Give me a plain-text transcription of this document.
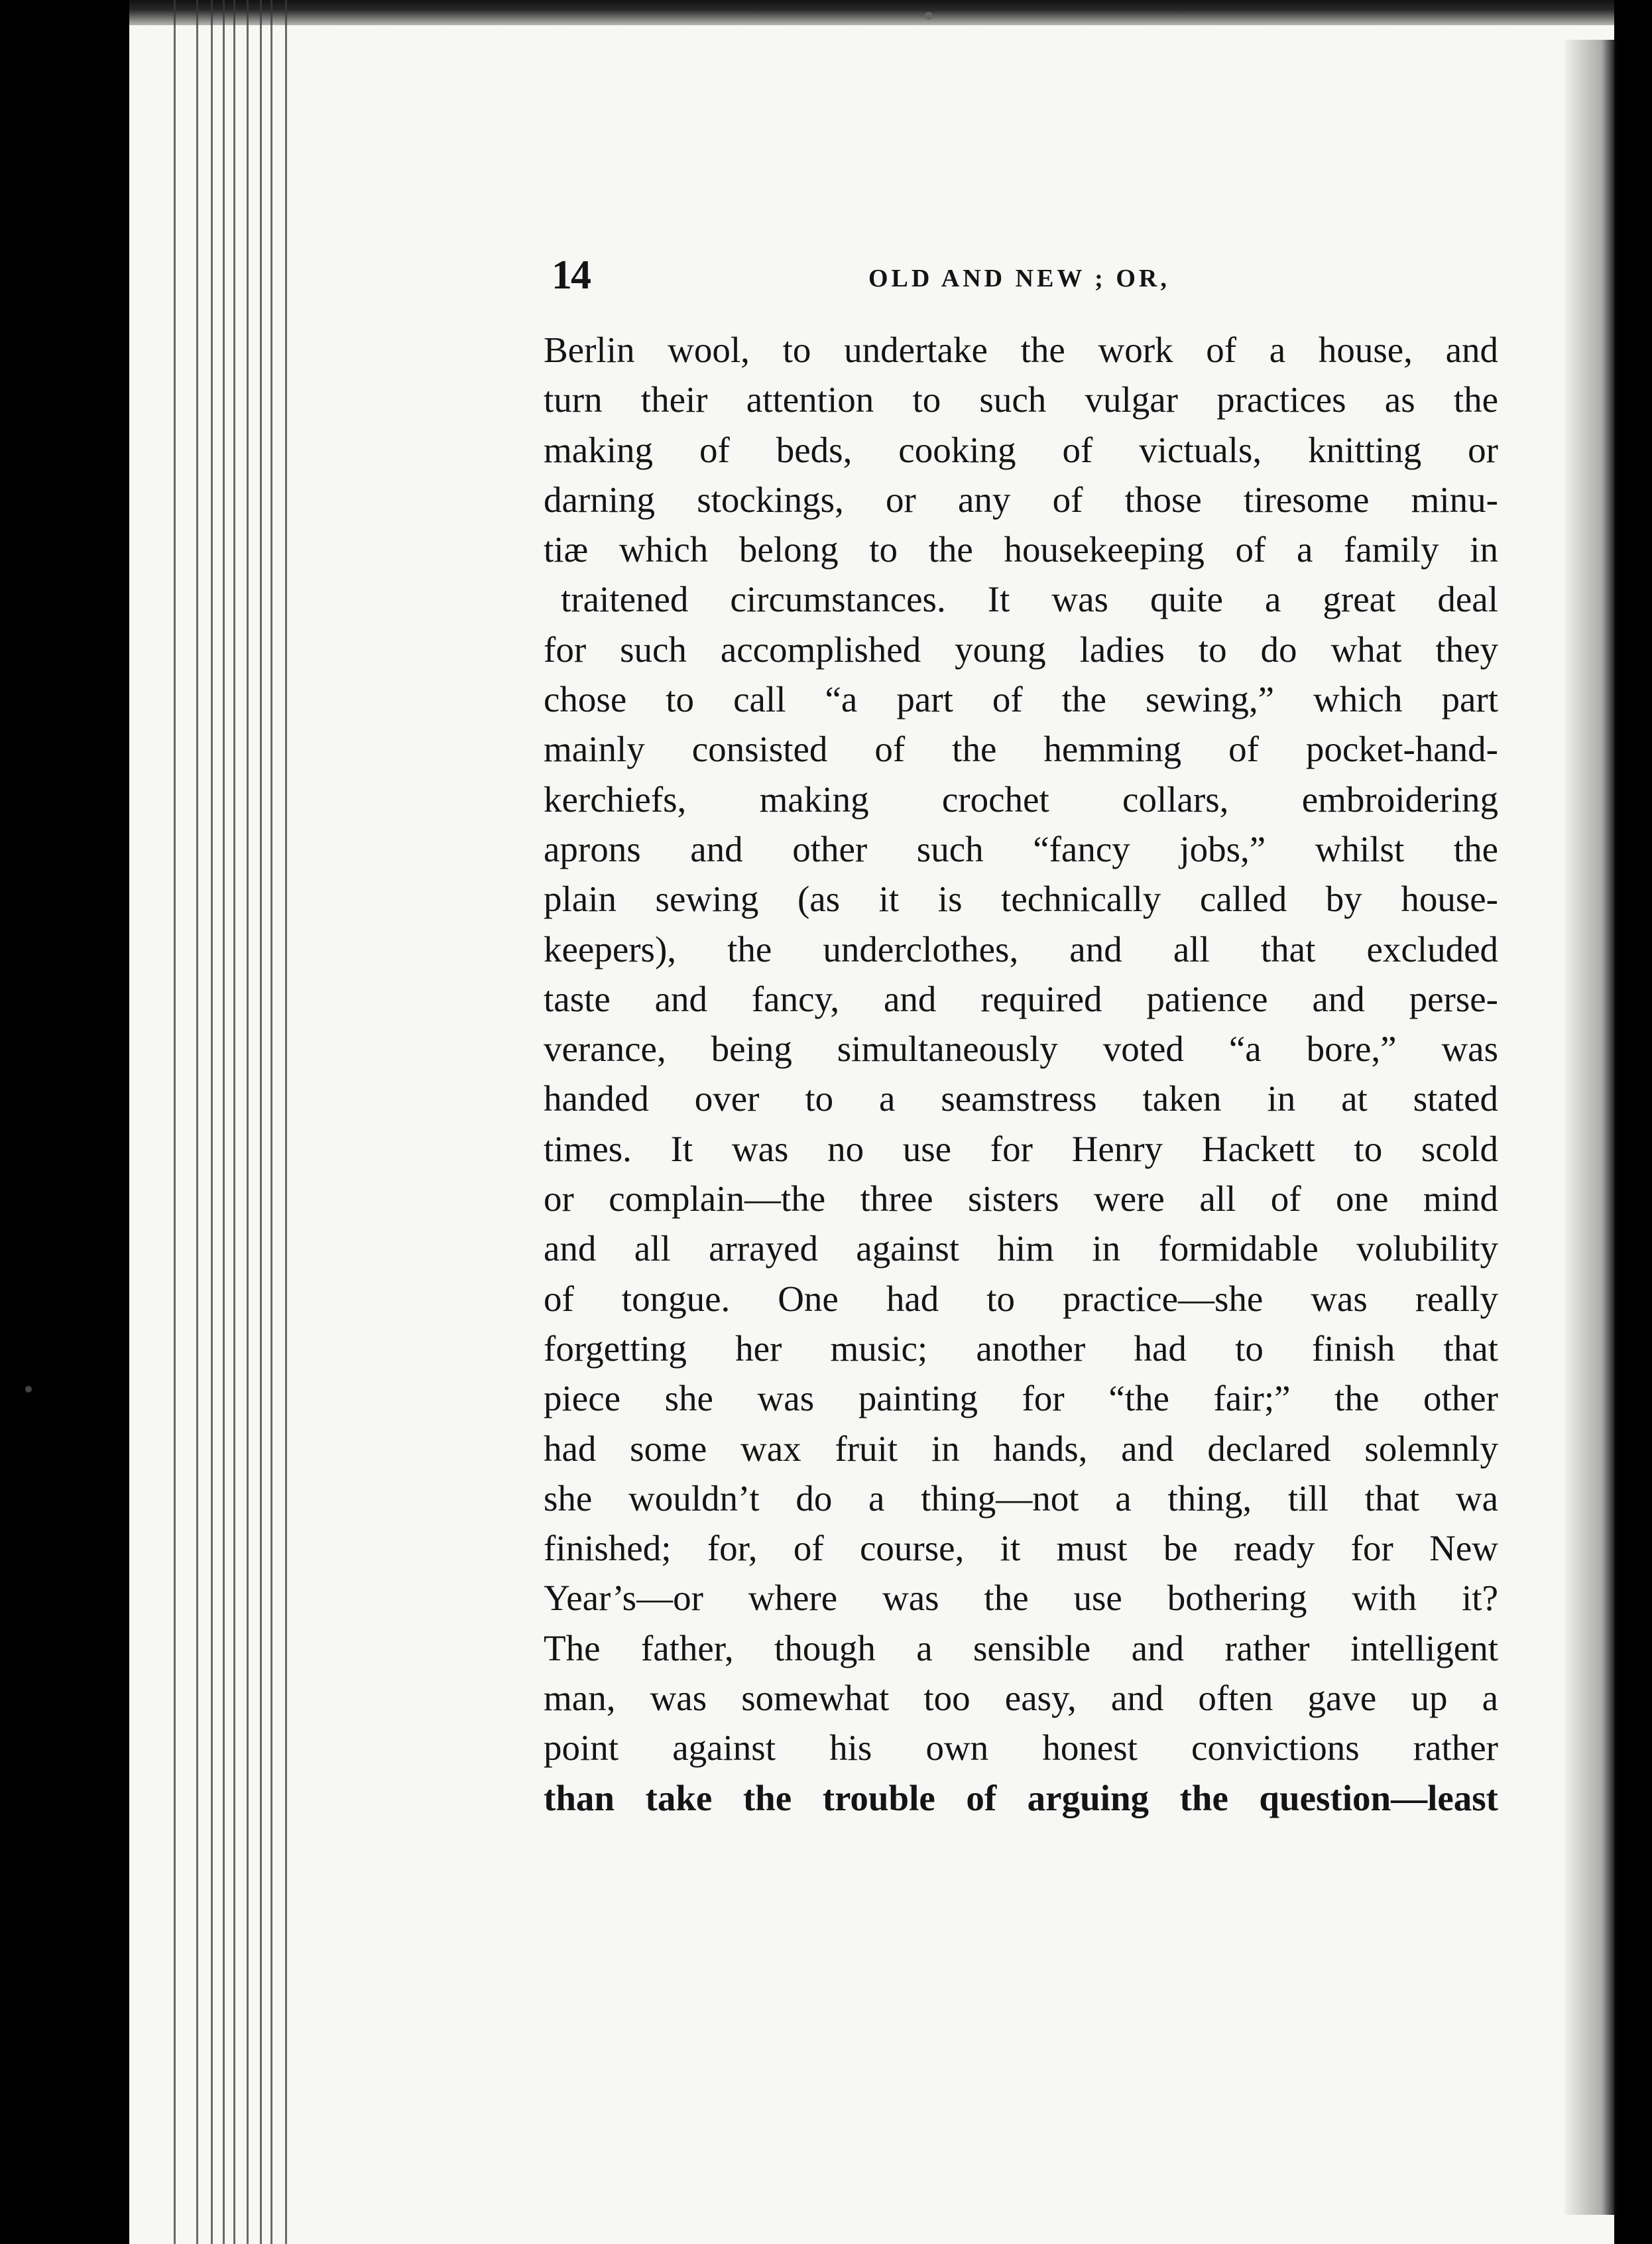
14	OLD AND NEW ; OR,
Berlin wool, to undertake the work of a house, and
turn their attention to such vulgar practices as the
making of beds, cooking of victuals, knitting or
darning stockings, or any of those tiresome minu-
tiæ which belong to the housekeeping of a family in
traitened circumstances. It was quite a great deal
for such accomplished young ladies to do what they
chose to call “a part of the sewing,” which part
mainly consisted of the hemming of pocket-hand-
kerchiefs, making crochet collars, embroidering
aprons and other such “fancy jobs,” whilst the
plain sewing (as it is technically called by house-
keepers), the underclothes, and all that excluded
taste and fancy, and required patience and perse-
verance, being simultaneously voted “a bore,” was
handed over to a seamstress taken in at stated
times. It was no use for Henry Hackett to scold
or complain—the three sisters were all of one mind
and all arrayed against him in formidable volubility
of tongue. One had to practice—she was really
forgetting her music; another had to finish that
piece she was painting for “the fair;” the other
had some wax fruit in hands, and declared solemnly
she wouldn’t do a thing—not a thing, till that wa
finished; for, of course, it must be ready for New
Year’s—or where was the use bothering with it?
The father, though a sensible and rather intelligent
man, was somewhat too easy, and often gave up a
point against his own honest convictions rather
than take the trouble of arguing the question—least
